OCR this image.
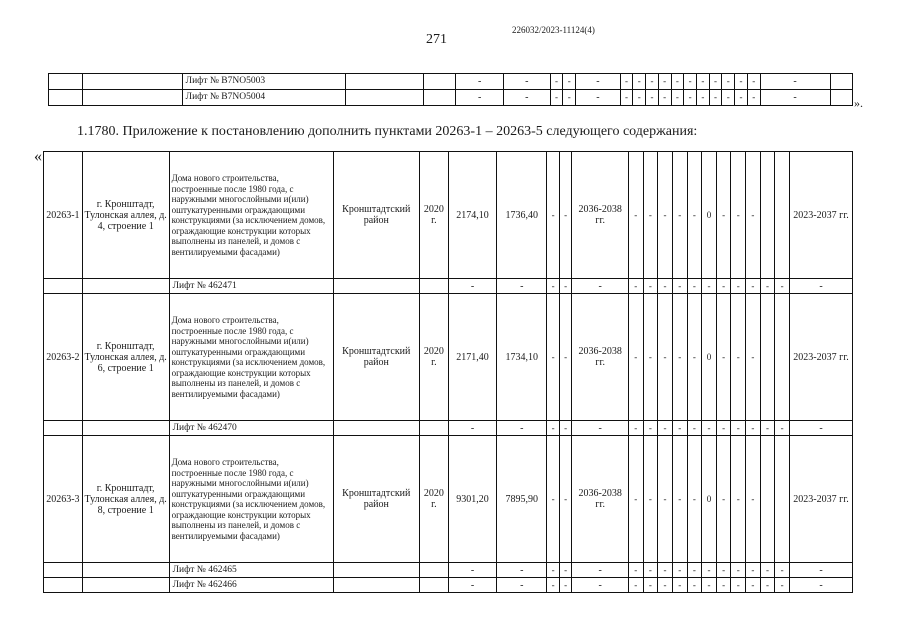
271
226032/2023-11124(4)
		Лифт № B7NO5003			-	-	-	-	-	-	-	-	-	-	-	-	-	-	-	-	-	
		Лифт № B7NO5004			-	-	-	-	-	-	-	-	-	-	-	-	-	-	-	-	-		».
1.1780. Приложение к постановлению дополнить пунктами 20263-1 – 20263-5 следующего содержания:
«
20263-1	г. Кронштадт, Тулонская аллея, д. 4, строение 1	Дома нового строительства, построенные после 1980 года, с наружными многослойными и(или) оштукатуренными ограждающими конструкциями (за исключением домов, ограждающие конструкции которых выполнены из панелей, и домов с вентилируемыми фасадами)	Кронштадтский район	2020 г.	2174,10	1736,40	-	-	2036-2038 гг.	-	-	-	-	-	0	-	-	-			2023-2037 гг.
		Лифт № 462471			-	-	-	-	-	-	-	-	-	-	-	-	-	-	-	-	-
20263-2	г. Кронштадт, Тулонская аллея, д. 6, строение 1	Дома нового строительства, построенные после 1980 года, с наружными многослойными и(или) оштукатуренными ограждающими конструкциями (за исключением домов, ограждающие конструкции которых выполнены из панелей, и домов с вентилируемыми фасадами)	Кронштадтский район	2020 г.	2171,40	1734,10	-	-	2036-2038 гг.	-	-	-	-	-	0	-	-	-			2023-2037 гг.
		Лифт № 462470			-	-	-	-	-	-	-	-	-	-	-	-	-	-	-	-	-
20263-3	г. Кронштадт, Тулонская аллея, д. 8, строение 1	Дома нового строительства, построенные после 1980 года, с наружными многослойными и(или) оштукатуренными ограждающими конструкциями (за исключением домов, ограждающие конструкции которых выполнены из панелей, и домов с вентилируемыми фасадами)	Кронштадтский район	2020 г.	9301,20	7895,90	-	-	2036-2038 гг.	-	-	-	-	-	0	-	-	-			2023-2037 гг.
		Лифт № 462465			-	-	-	-	-	-	-	-	-	-	-	-	-	-	-	-	-
		Лифт № 462466			-	-	-	-	-	-	-	-	-	-	-	-	-	-	-	-	-
